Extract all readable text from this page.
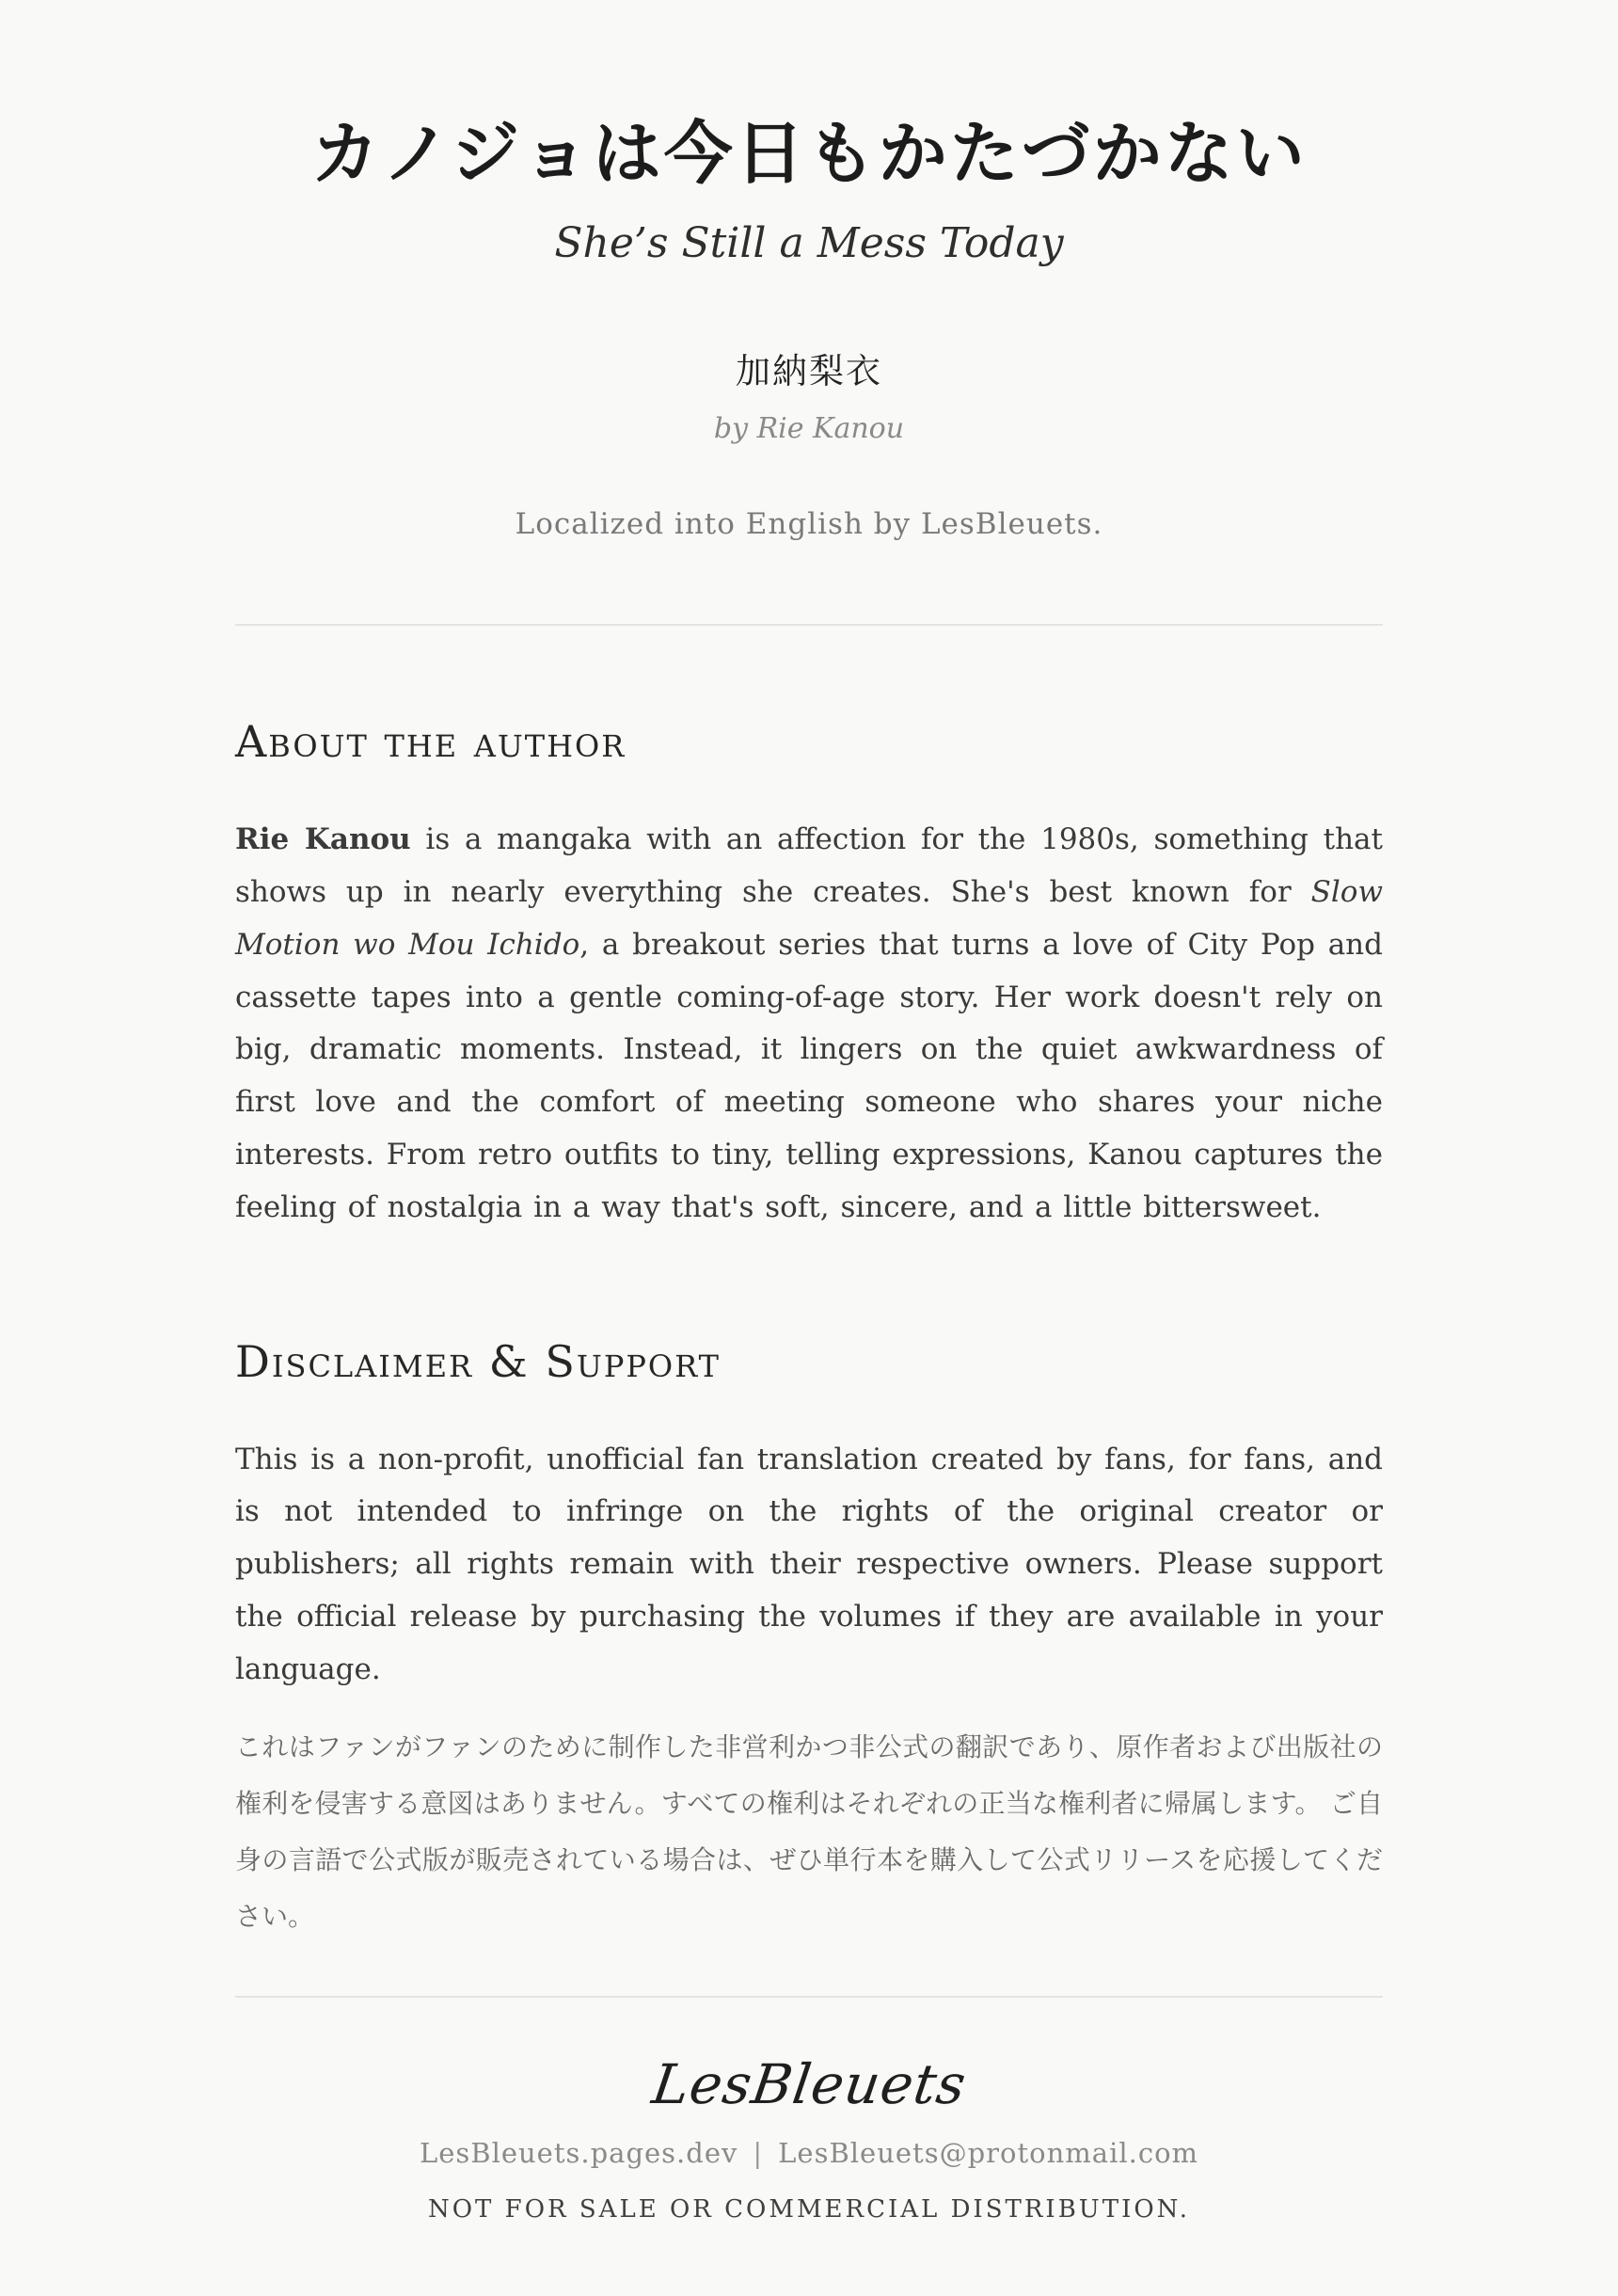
カノジョは今日もかたづかない
She’s Still a Mess Today
加納梨衣
by Rie Kanou
Localized into English by LesBleuets.
About the author

Rie Kanou is a mangaka with an affection for the 1980s, something that shows up in nearly everything she creates. She's best known for Slow Motion wo Mou Ichido, a breakout series that turns a love of City Pop and cassette tapes into a gentle coming-of-age story. Her work doesn't rely on big, dramatic moments. Instead, it lingers on the quiet awkwardness of first love and the comfort of meeting someone who shares your niche interests. From retro outfits to tiny, telling expressions, Kanou captures the feeling of nostalgia in a way that's soft, sincere, and a little bittersweet.

Disclaimer & Support

This is a non-profit, unofficial fan translation created by fans, for fans, and is not intended to infringe on the rights of the original creator or publishers; all rights remain with their respective owners. Please support the official release by purchasing the volumes if they are available in your language.

これはファンがファンのために制作した非営利かつ非公式の翻訳であり、原作者および出版社の権利を侵害する意図はありません。すべての権利はそれぞれの正当な権利者に帰属します。 ご自身の言語で公式版が販売されている場合は、ぜひ単行本を購入して公式リリースを応援してください。

LesBleuets
LesBleuets.pages.dev | LesBleuets@protonmail.com
NOT FOR SALE OR COMMERCIAL DISTRIBUTION.
